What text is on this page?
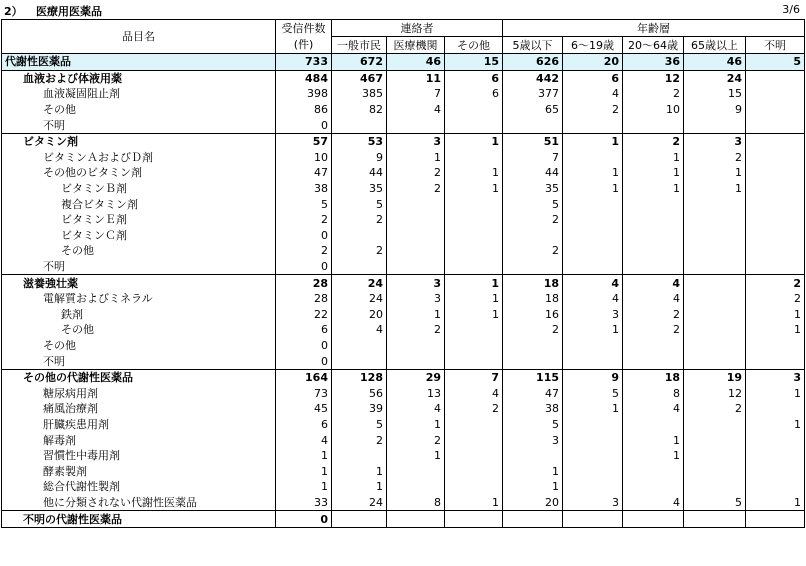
2） 医療用医薬品	3/6
品目名	受信件数	連絡者			年齢層				
	(件)	一般市民	医療機関	その他	5歳以下	6～19歳	20～64歳	65歳以上	不明
代謝性医薬品	733	672	46	15	626	20	36	46	5
血液および体液用薬	484	467	11	6	442	6	12	24	
血液凝固阻止剤	398	385	7	6	377	4	2	15	
その他	86	82	4		65	2	10	9	
不明	0								
ビタミン剤	57	53	3	1	51	1	2	3	
ビタミンＡおよびＤ剤	10	9	1		7		1	2	
その他のビタミン剤	47	44	2	1	44	1	1	1	
ビタミンＢ剤	38	35	2	1	35	1	1	1	
複合ビタミン剤	5	5			5				
ビタミンＥ剤	2	2			2				
ビタミンＣ剤	0								
その他	2	2			2				
不明	0								
滋養強壮薬	28	24	3	1	18	4	4		2
電解質およびミネラル	28	24	3	1	18	4	4		2
鉄剤	22	20	1	1	16	3	2		1
その他	6	4	2		2	1	2		1
その他	0								
不明	0								
その他の代謝性医薬品	164	128	29	7	115	9	18	19	3
糖尿病用剤	73	56	13	4	47	5	8	12	1
痛風治療剤	45	39	4	2	38	1	4	2	
肝臓疾患用剤	6	5	1		5				1
解毒剤	4	2	2		3		1		
習慣性中毒用剤	1		1				1		
酵素製剤	1	1			1				
総合代謝性製剤	1	1			1				
他に分類されない代謝性医薬品	33	24	8	1	20	3	4	5	1
不明の代謝性医薬品	0								
